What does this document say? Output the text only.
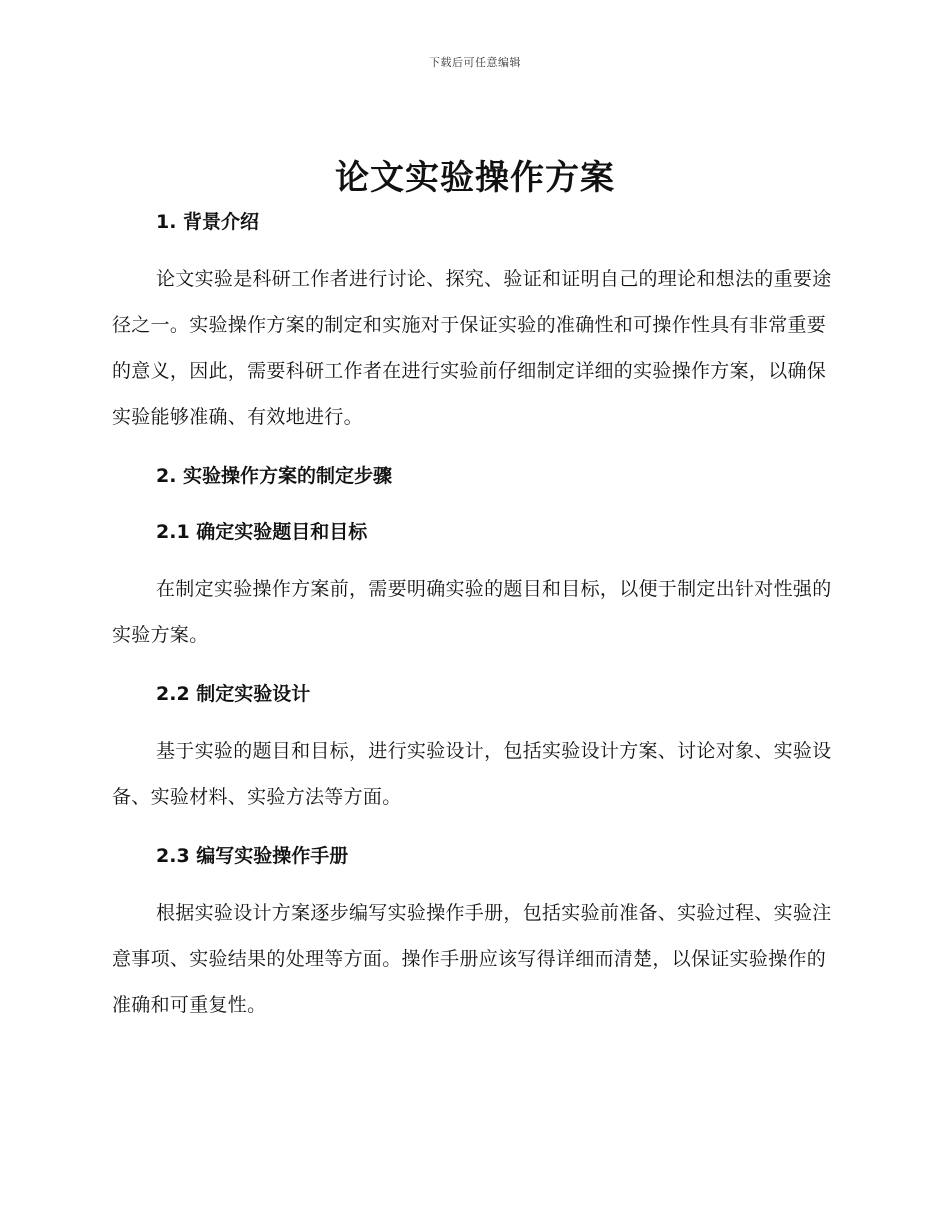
下载后可任意编辑
论文实验操作方案
1. 背景介绍

论文实验是科研工作者进行讨论、探究、验证和证明自己的理论和想法的重要途径之一。实验操作方案的制定和实施对于保证实验的准确性和可操作性具有非常重要的意义，因此，需要科研工作者在进行实验前仔细制定详细的实验操作方案，以确保实验能够准确、有效地进行。

2. 实验操作方案的制定步骤
2.1 确定实验题目和目标

在制定实验操作方案前，需要明确实验的题目和目标，以便于制定出针对性强的实验方案。

2.2 制定实验设计

基于实验的题目和目标，进行实验设计，包括实验设计方案、讨论对象、实验设备、实验材料、实验方法等方面。

2.3 编写实验操作手册

根据实验设计方案逐步编写实验操作手册，包括实验前准备、实验过程、实验注意事项、实验结果的处理等方面。操作手册应该写得详细而清楚，以保证实验操作的准确和可重复性。
